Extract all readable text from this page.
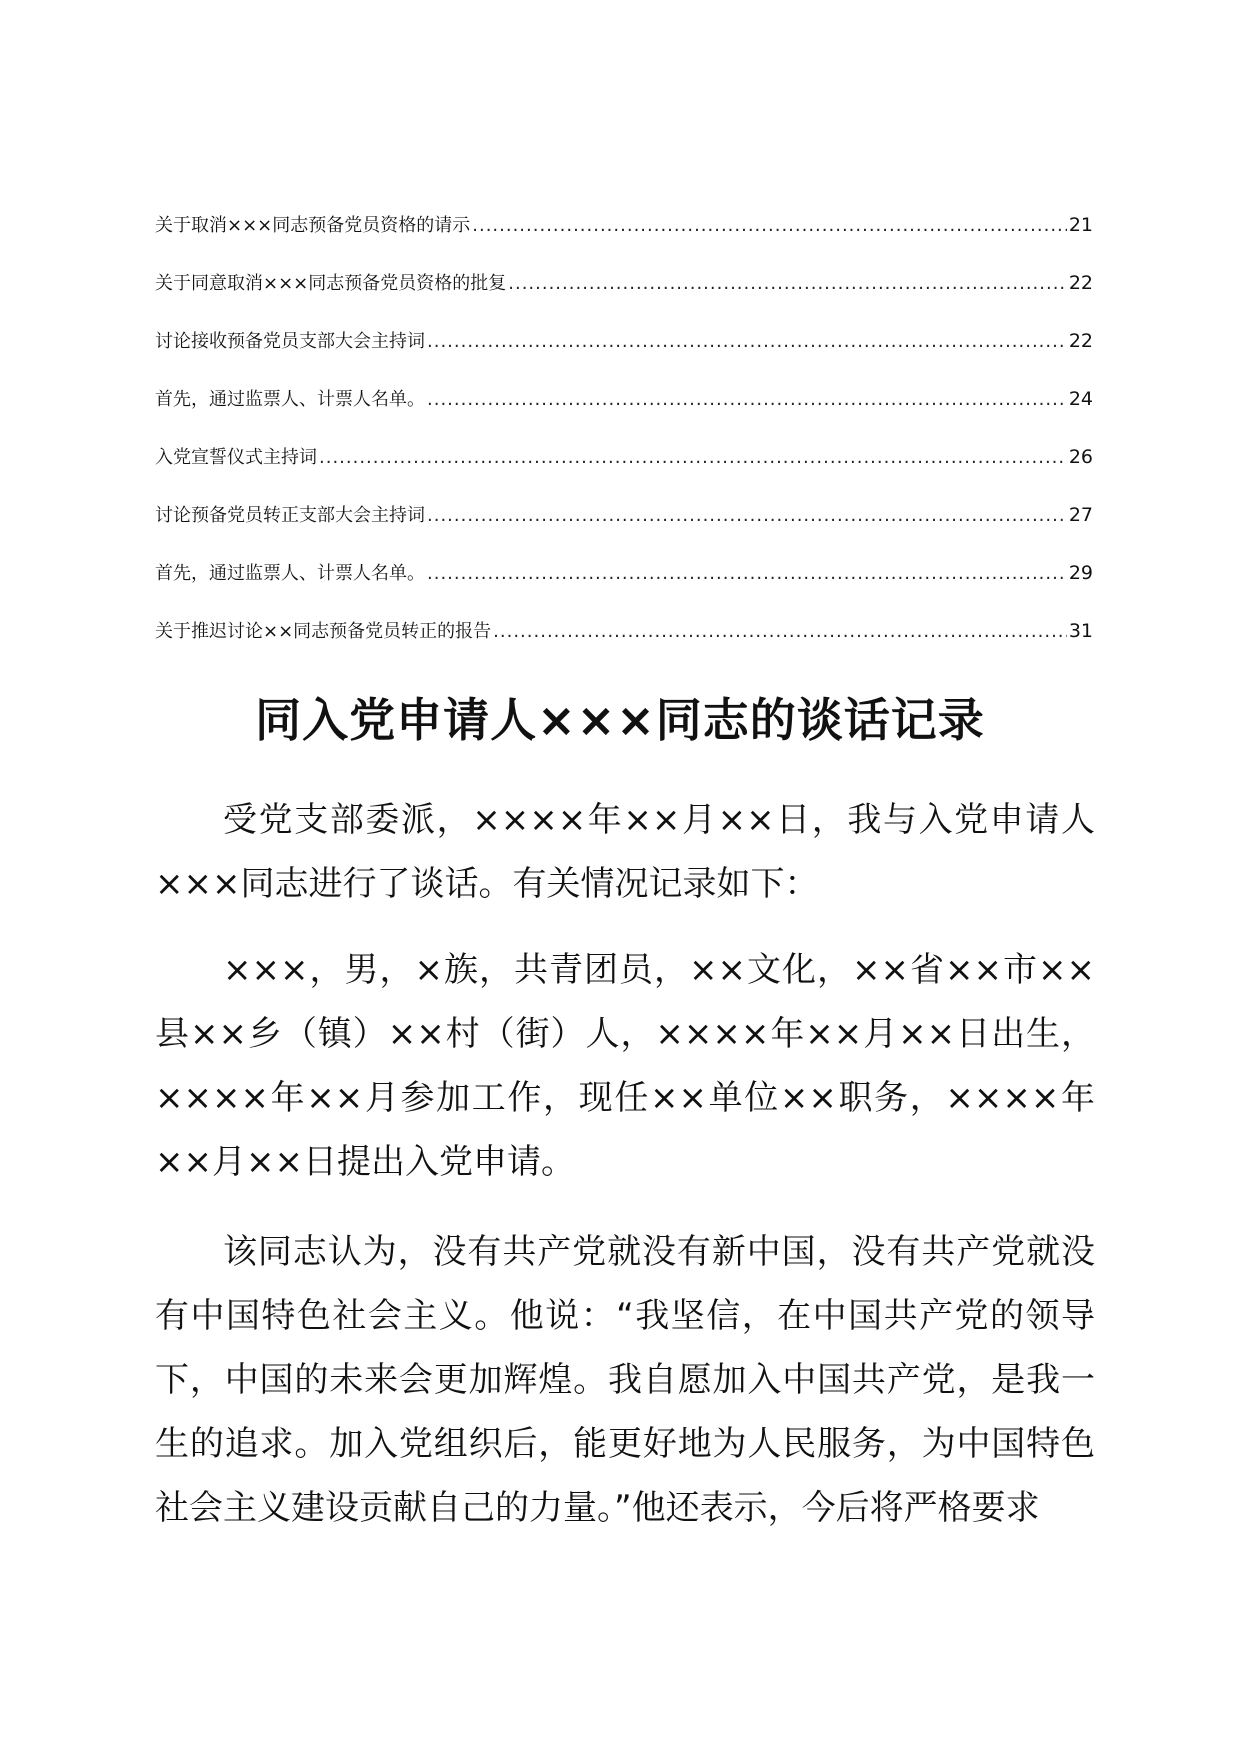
关于取消×××同志预备党员资格的请示 .....	21
关于同意取消×××同志预备党员资格的批复 .....	22
讨论接收预备党员支部大会主持词 .....	22
首先，通过监票人、计票人名单。 .....	24
入党宣誓仪式主持词 .....	26
讨论预备党员转正支部大会主持词 .....	27
首先，通过监票人、计票人名单。 .....	29
关于推迟讨论××同志预备党员转正的报告 .....	31
同入党申请人×××同志的谈话记录

受党支部委派，××××年××月××日，我与入党申请人×××同志进行了谈话。有关情况记录如下：

×××，男，×族，共青团员，××文化，××省××市××县××乡（镇）××村（街）人，××××年××月××日出生，××××年××月参加工作，现任××单位××职务，××××年××月××日提出入党申请。

该同志认为，没有共产党就没有新中国，没有共产党就没有中国特色社会主义。他说：“我坚信，在中国共产党的领导下，中国的未来会更加辉煌。我自愿加入中国共产党，是我一生的追求。加入党组织后，能更好地为人民服务，为中国特色社会主义建设贡献自己的力量。”他还表示，今后将严格要求
